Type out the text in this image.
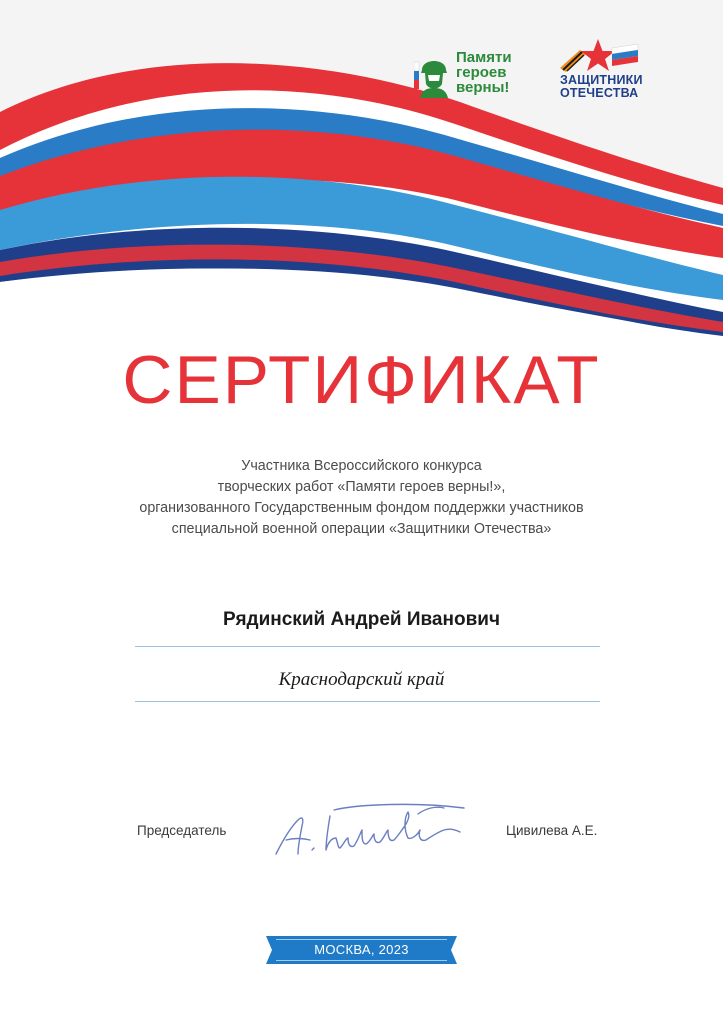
Памяти
героев
верны!	ЗАЩИТНИКИ
ОТЕЧЕСТВА
СЕРТИФИКАТ
Участника Всероссийского конкурса
творческих работ «Памяти героев верны!»,
организованного Государственным фондом поддержки участников
специальной военной операции «Защитники Отечества»
Рядинский Андрей Иванович
Краснодарский край
Председатель	Цивилева А.Е.
МОСКВА, 2023
